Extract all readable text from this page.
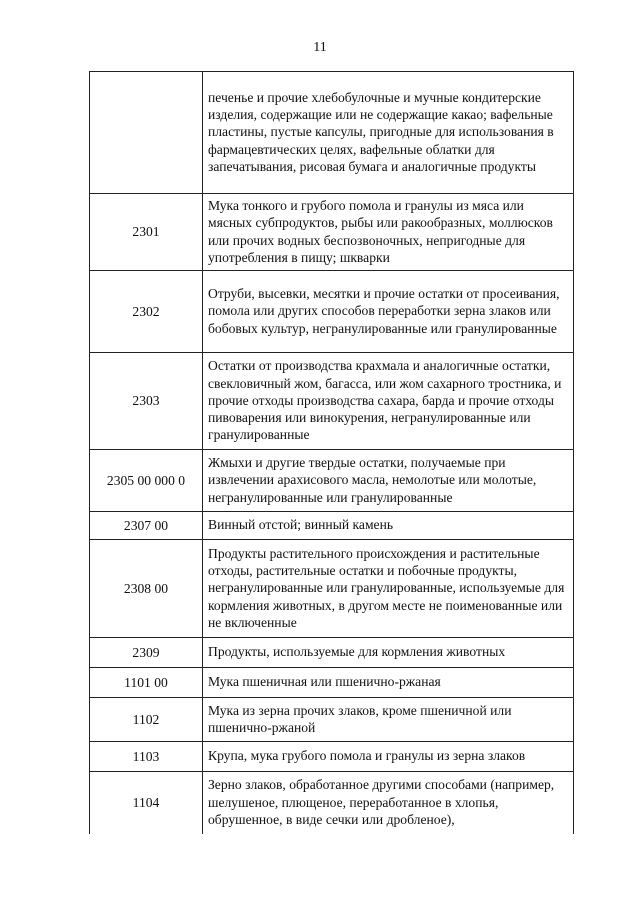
11
	печенье и прочие хлебобулочные и мучные кондитерские изделия, содержащие или не содержащие какао; вафельные пластины, пустые капсулы, пригодные для использования в фармацевтических целях, вафельные облатки для запечатывания, рисовая бумага и аналогичные продукты
2301	Мука тонкого и грубого помола и гранулы из мяса или мясных субпродуктов, рыбы или ракообразных, моллюсков или прочих водных беспозвоночных, непригодные для употребления в пищу; шкварки
2302	Отруби, высевки, месятки и прочие остатки от просеивания, помола или других способов переработки зерна злаков или бобовых культур, негранулированные или гранулированные
2303	Остатки от производства крахмала и аналогичные остатки, свекловичный жом, багасса, или жом сахарного тростника, и прочие отходы производства сахара, барда и прочие отходы пивоварения или винокурения, негранулированные или гранулированные
2305 00 000 0	Жмыхи и другие твердые остатки, получаемые при извлечении арахисового масла, немолотые или молотые, негранулированные или гранулированные
2307 00	Винный отстой; винный камень
2308 00	Продукты растительного происхождения и растительные отходы, растительные остатки и побочные продукты, негранулированные или гранулированные, используемые для кормления животных, в другом месте не поименованные или не включенные
2309	Продукты, используемые для кормления животных
1101 00	Мука пшеничная или пшенично-ржаная
1102	Мука из зерна прочих злаков, кроме пшеничной или пшенично-ржаной
1103	Крупа, мука грубого помола и гранулы из зерна злаков
1104	Зерно злаков, обработанное другими способами (например, шелушеное, плющеное, переработанное в хлопья, обрушенное, в виде сечки или дробленое),
